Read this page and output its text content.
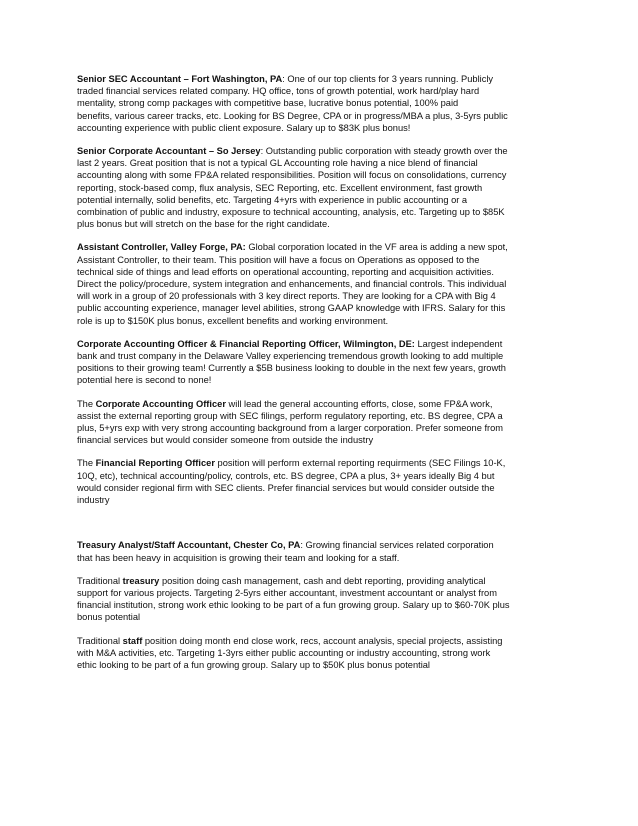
Senior SEC Accountant – Fort Washington, PA: One of our top clients for 3 years running. Publicly
traded financial services related company. HQ office, tons of growth potential, work hard/play hard
mentality, strong comp packages with competitive base, lucrative bonus potential, 100% paid
benefits, various career tracks, etc. Looking for BS Degree, CPA or in progress/MBA a plus, 3-5yrs public
accounting experience with public client exposure. Salary up to $83K plus bonus!

Senior Corporate Accountant – So Jersey: Outstanding public corporation with steady growth over the
last 2 years. Great position that is not a typical GL Accounting role having a nice blend of financial
accounting along with some FP&A related responsibilities. Position will focus on consolidations, currency
reporting, stock-based comp, flux analysis, SEC Reporting, etc. Excellent environment, fast growth
potential internally, solid benefits, etc. Targeting 4+yrs with experience in public accounting or a
combination of public and industry, exposure to technical accounting, analysis, etc. Targeting up to $85K
plus bonus but will stretch on the base for the right candidate.

Assistant Controller, Valley Forge, PA: Global corporation located in the VF area is adding a new spot,
Assistant Controller, to their team. This position will have a focus on Operations as opposed to the
technical side of things and lead efforts on operational accounting, reporting and acquisition activities.
Direct the policy/procedure, system integration and enhancements, and financial controls. This individual
will work in a group of 20 professionals with 3 key direct reports. They are looking for a CPA with Big 4
public accounting experience, manager level abilities, strong GAAP knowledge with IFRS. Salary for this
role is up to $150K plus bonus, excellent benefits and working environment.

Corporate Accounting Officer & Financial Reporting Officer, Wilmington, DE: Largest independent
bank and trust company in the Delaware Valley experiencing tremendous growth looking to add multiple
positions to their growing team! Currently a $5B business looking to double in the next few years, growth
potential here is second to none!

The Corporate Accounting Officer will lead the general accounting efforts, close, some FP&A work,
assist the external reporting group with SEC filings, perform regulatory reporting, etc. BS degree, CPA a
plus, 5+yrs exp with very strong accounting background from a larger corporation. Prefer someone from
financial services but would consider someone from outside the industry

The Financial Reporting Officer position will perform external reporting requirments (SEC Filings 10-K,
10Q, etc), technical accounting/policy, controls, etc. BS degree, CPA a plus, 3+ years ideally Big 4 but
would consider regional firm with SEC clients. Prefer financial services but would consider outside the
industry

Treasury Analyst/Staff Accountant, Chester Co, PA: Growing financial services related corporation
that has been heavy in acquisition is growing their team and looking for a staff.

Traditional treasury position doing cash management, cash and debt reporting, providing analytical
support for various projects. Targeting 2-5yrs either accountant, investment accountant or analyst from
financial institution, strong work ethic looking to be part of a fun growing group. Salary up to $60-70K plus
bonus potential

Traditional staff position doing month end close work, recs, account analysis, special projects, assisting
with M&A activities, etc. Targeting 1-3yrs either public accounting or industry accounting, strong work
ethic looking to be part of a fun growing group. Salary up to $50K plus bonus potential
